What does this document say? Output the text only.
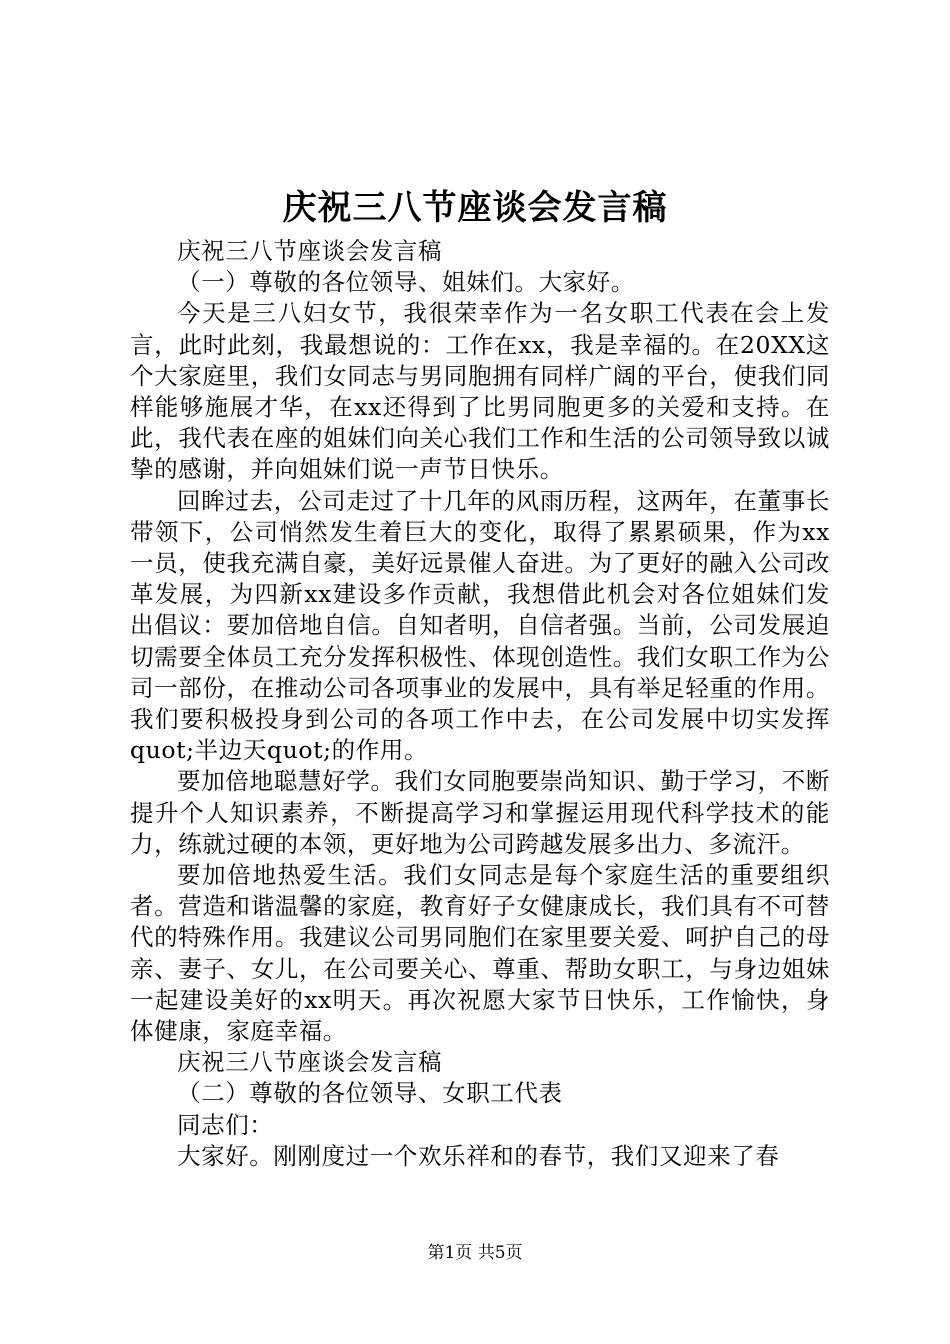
庆祝三八节座谈会发言稿

庆祝三八节座谈会发言稿

（一）尊敬的各位领导、姐妹们。大家好。

今天是三八妇女节，我很荣幸作为一名女职工代表在会上发言，此时此刻，我最想说的：工作在xx，我是幸福的。在20XX这个大家庭里，我们女同志与男同胞拥有同样广阔的平台，使我们同样能够施展才华，在xx还得到了比男同胞更多的关爱和支持。在此，我代表在座的姐妹们向关心我们工作和生活的公司领导致以诚挚的感谢，并向姐妹们说一声节日快乐。

回眸过去，公司走过了十几年的风雨历程，这两年，在董事长带领下，公司悄然发生着巨大的变化，取得了累累硕果，作为xx一员，使我充满自豪，美好远景催人奋进。为了更好的融入公司改革发展，为四新xx建设多作贡献，我想借此机会对各位姐妹们发出倡议：要加倍地自信。自知者明，自信者强。当前，公司发展迫切需要全体员工充分发挥积极性、体现创造性。我们女职工作为公司一部份，在推动公司各项事业的发展中，具有举足轻重的作用。我们要积极投身到公司的各项工作中去，在公司发展中切实发挥quot;半边天quot;的作用。

要加倍地聪慧好学。我们女同胞要崇尚知识、勤于学习，不断提升个人知识素养，不断提高学习和掌握运用现代科学技术的能力，练就过硬的本领，更好地为公司跨越发展多出力、多流汗。

要加倍地热爱生活。我们女同志是每个家庭生活的重要组织者。营造和谐温馨的家庭，教育好子女健康成长，我们具有不可替代的特殊作用。我建议公司男同胞们在家里要关爱、呵护自己的母亲、妻子、女儿，在公司要关心、尊重、帮助女职工，与身边姐妹一起建设美好的xx明天。再次祝愿大家节日快乐，工作愉快，身体健康，家庭幸福。

庆祝三八节座谈会发言稿

（二）尊敬的各位领导、女职工代表

同志们：

大家好。刚刚度过一个欢乐祥和的春节，我们又迎来了春

第1页 共5页
